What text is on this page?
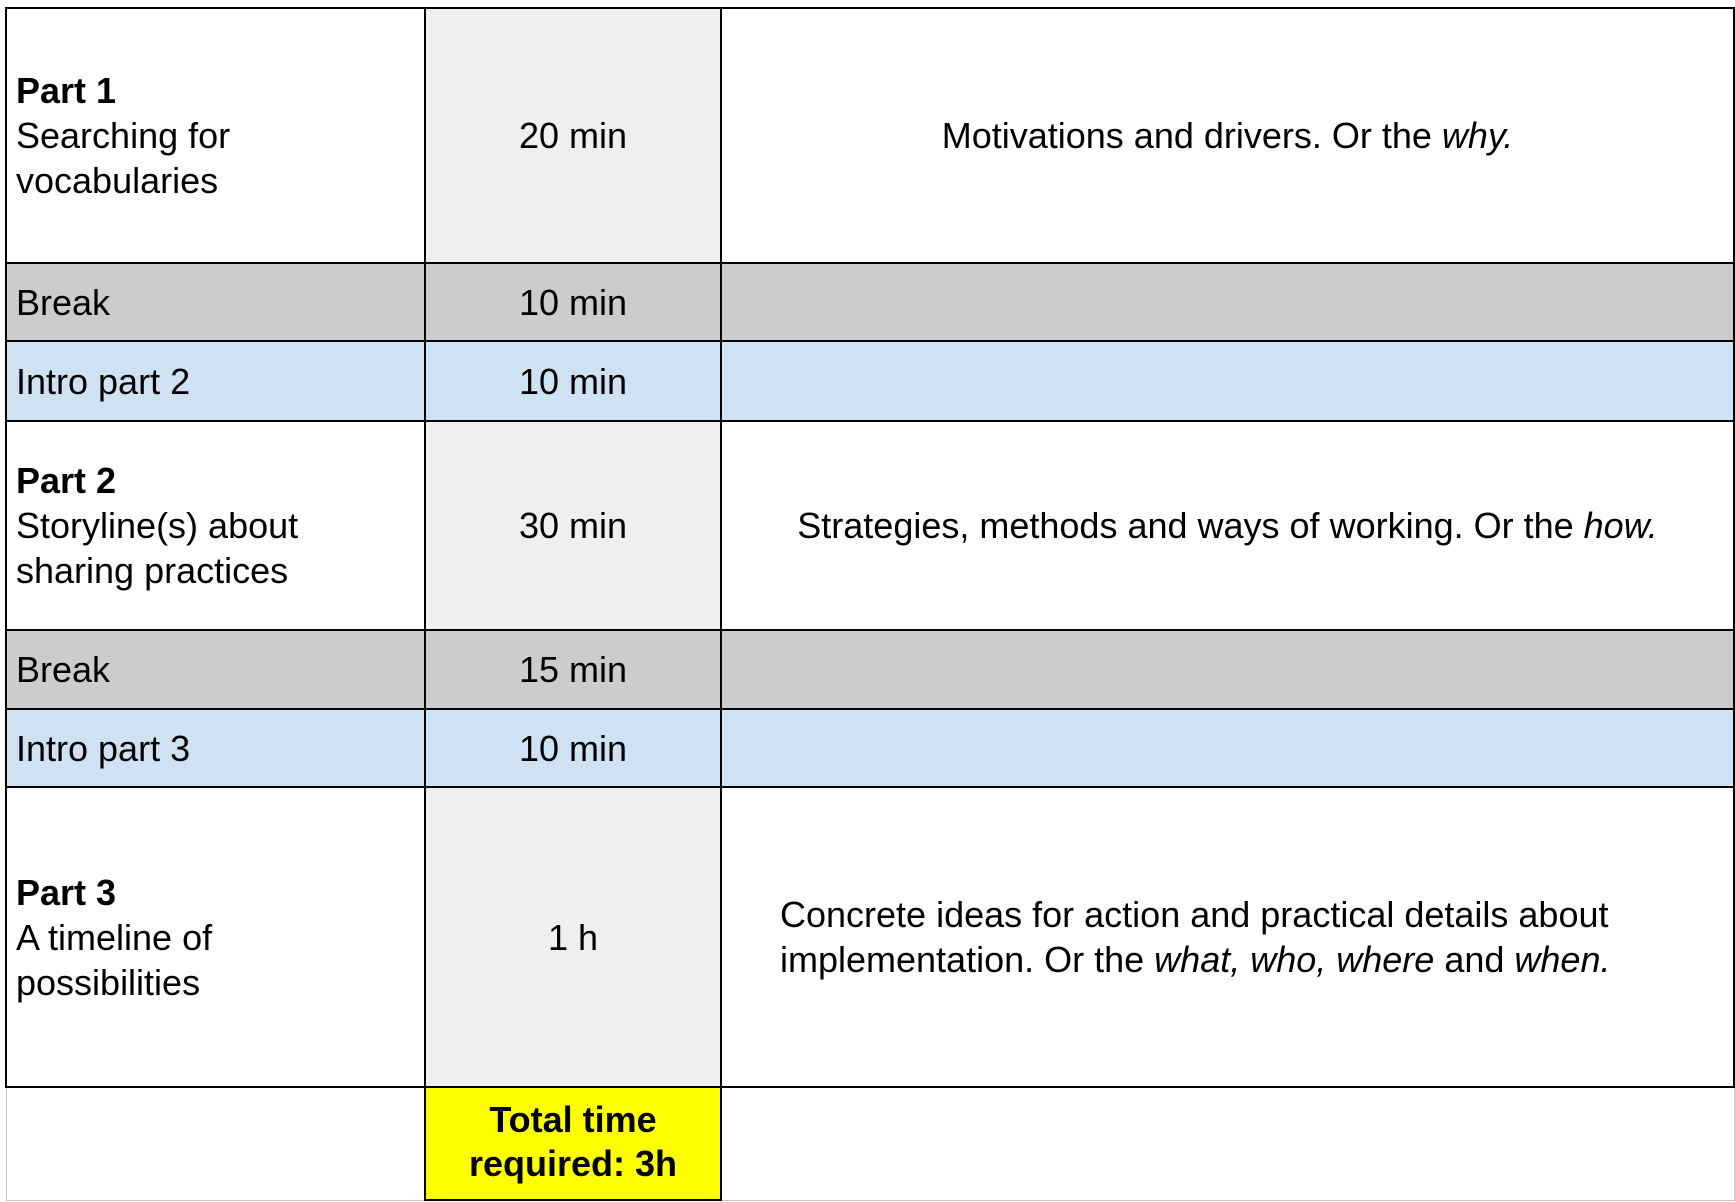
Part 1
Searching for
vocabularies	20 min	Motivations and drivers. Or the why.
Break	10 min	
Intro part 2	10 min	

Part 2
Storyline(s) about
sharing practices	30 min	Strategies, methods and ways of working. Or the how.
Break	15 min	
Intro part 3	10 min	

Part 3
A timeline of
possibilities	1 h	Concrete ideas for action and practical details about implementation. Or the what, who, where and when.

	Total time
required: 3h	
